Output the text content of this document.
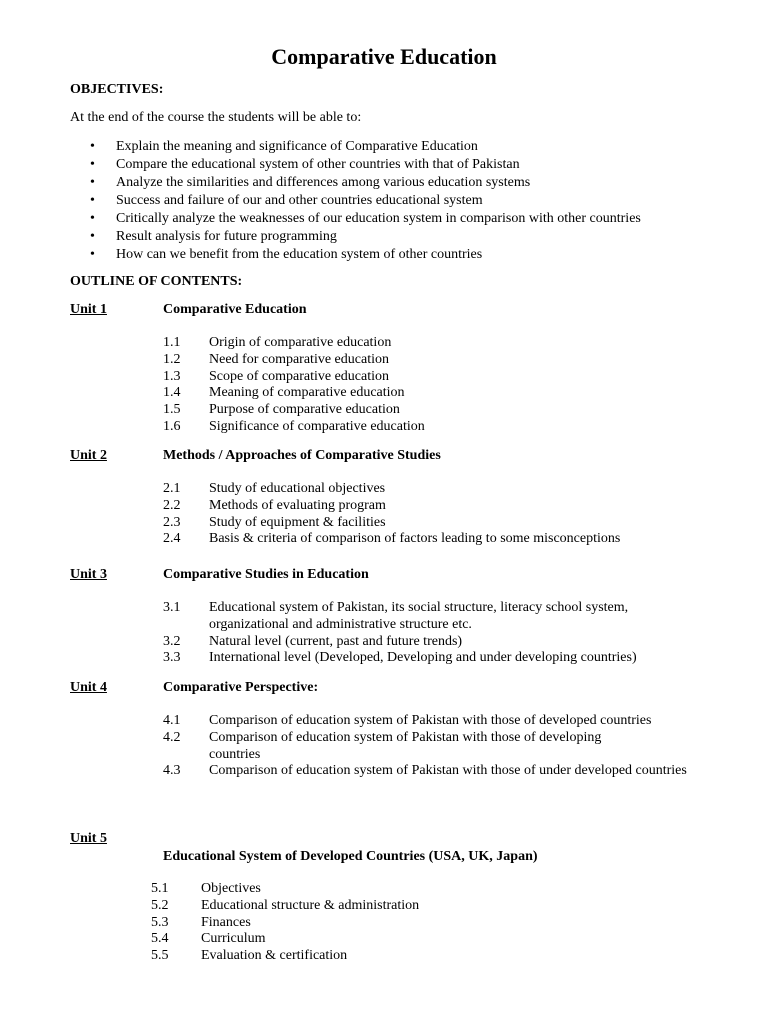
Comparative Education
OBJECTIVES:
At the end of the course the students will be able to:
• Explain the meaning and significance of Comparative Education
• Compare the educational system of other countries with that of Pakistan
• Analyze the similarities and differences among various education systems
• Success and failure of our and other countries educational system
• Critically analyze the weaknesses of our education system in comparison with other countries
• Result analysis for future programming
• How can we benefit from the education system of other countries
OUTLINE OF CONTENTS:
Unit 1	Comparative Education
1.1 Origin of comparative education
1.2 Need for comparative education
1.3 Scope of comparative education
1.4 Meaning of comparative education
1.5 Purpose of comparative education
1.6 Significance of comparative education
Unit 2	Methods / Approaches of Comparative Studies
2.1 Study of educational objectives
2.2 Methods of evaluating program
2.3 Study of equipment & facilities
2.4 Basis & criteria of comparison of factors leading to some misconceptions
Unit 3	Comparative Studies in Education
3.1 Educational system of Pakistan, its social structure, literacy school system, organizational and administrative structure etc.
3.2 Natural level (current, past and future trends)
3.3 International level (Developed, Developing and under developing countries)
Unit 4	Comparative Perspective:
4.1 Comparison of education system of Pakistan with those of developed countries
4.2 Comparison of education system of Pakistan with those of developing countries
4.3 Comparison of education system of Pakistan with those of under developed countries
Unit 5
Educational System of Developed Countries (USA, UK, Japan)
5.1 Objectives
5.2 Educational structure & administration
5.3 Finances
5.4 Curriculum
5.5 Evaluation & certification
